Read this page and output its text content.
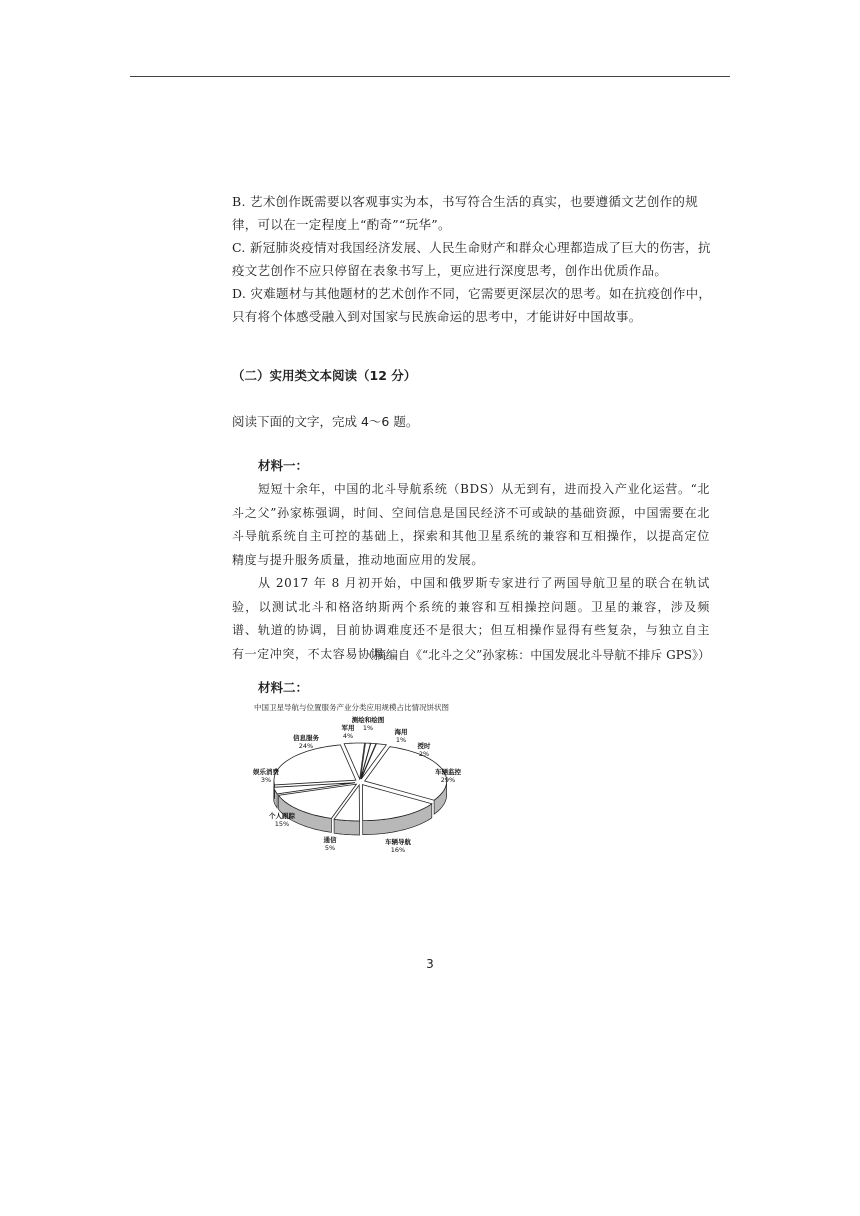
B. 艺术创作既需要以客观事实为本，书写符合生活的真实，也要遵循文艺创作的规律，可以在一定程度上“酌奇”“玩华”。
C. 新冠肺炎疫情对我国经济发展、人民生命财产和群众心理都造成了巨大的伤害，抗疫文艺创作不应只停留在表象书写上，更应进行深度思考，创作出优质作品。
D. 灾难题材与其他题材的艺术创作不同，它需要更深层次的思考。如在抗疫创作中，只有将个体感受融入到对国家与民族命运的思考中，才能讲好中国故事。
（二）实用类文本阅读（12 分）
阅读下面的文字，完成 4～6 题。
材料一：
短短十余年，中国的北斗导航系统（BDS）从无到有，进而投入产业化运营。“北斗之父”孙家栋强调，时间、空间信息是国民经济不可或缺的基础资源，中国需要在北斗导航系统自主可控的基础上，探索和其他卫星系统的兼容和互相操作，以提高定位精度与提升服务质量，推动地面应用的发展。
从 2017 年 8 月初开始，中国和俄罗斯专家进行了两国导航卫星的联合在轨试验，以测试北斗和格洛纳斯两个系统的兼容和互相操控问题。卫星的兼容，涉及频谱、轨道的协调，目前协调难度还不是很大；但互相操作显得有些复杂，与独立自主有一定冲突，不太容易协调。
（摘编自《“北斗之父”孙家栋：中国发展北斗导航不排斥 GPS》）
材料二：
中国卫星导航与位置服务产业分类应用规模占比情况饼状图
测绘和绘图
1%	海用
1%
授时
2%
车辆监控
29%
车辆导航
16%
通信
5%
个人跟踪
15%
娱乐消费
3%
信息服务
24%
军用
4%
3
